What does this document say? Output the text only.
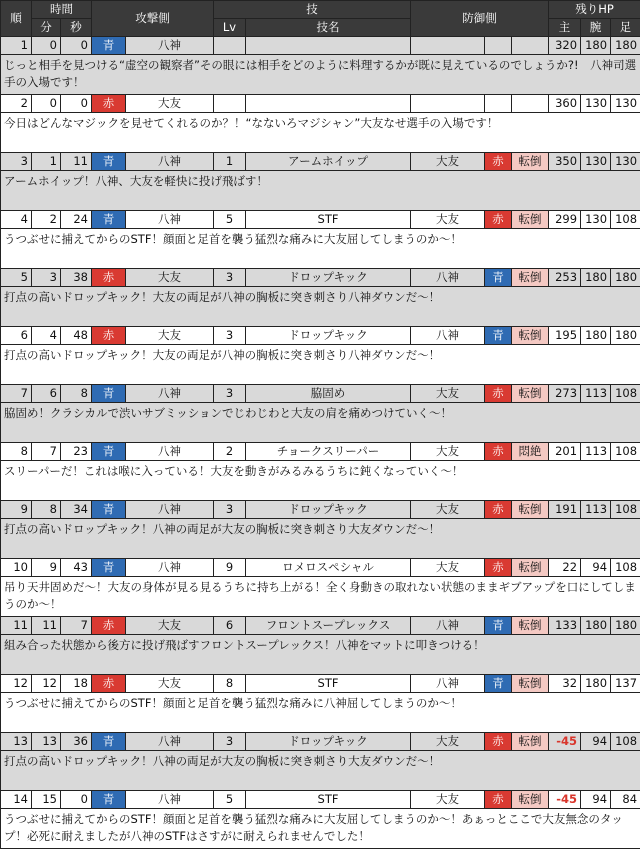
順	時間		攻撃側		技		防御側			残りHP		
	分	秒			Lv	技名				主	腕	足
1	0	0	青	八神						320	180	180
じっと相手を見つける“虚空の観察者”その眼には相手をどのように料理するかが既に見えているのでしょうか?!　八神司選手の入場です！												
2	0	0	赤	大友						360	130	130
今日はどんなマジックを見せてくれるのか？！“なないろマジシャン”大友なせ選手の入場です！												
3	1	11	青	八神	1	アームホイップ	大友	赤	転倒	350	130	130
アームホイップ！八神、大友を軽快に投げ飛ばす！												
4	2	24	青	八神	5	STF	大友	赤	転倒	299	130	108
うつぶせに捕えてからのSTF！顔面と足首を襲う猛烈な痛みに大友屈してしまうのか～！												
5	3	38	赤	大友	3	ドロップキック	八神	青	転倒	253	180	180
打点の高いドロップキック！大友の両足が八神の胸板に突き刺さり八神ダウンだ～！												
6	4	48	赤	大友	3	ドロップキック	八神	青	転倒	195	180	180
打点の高いドロップキック！大友の両足が八神の胸板に突き刺さり八神ダウンだ～！												
7	6	8	青	八神	3	脇固め	大友	赤	転倒	273	113	108
脇固め！クラシカルで渋いサブミッションでじわじわと大友の肩を痛めつけていく～！												
8	7	23	青	八神	2	チョークスリーパー	大友	赤	悶絶	201	113	108
スリーパーだ！これは喉に入っている！大友を動きがみるみるうちに鈍くなっていく～！												
9	8	34	青	八神	3	ドロップキック	大友	赤	転倒	191	113	108
打点の高いドロップキック！八神の両足が大友の胸板に突き刺さり大友ダウンだ～！												
10	9	43	青	八神	9	ロメロスペシャル	大友	赤	転倒	22	94	108
吊り天井固めだ～！大友の身体が見る見るうちに持ち上がる！全く身動きの取れない状態のままギブアップを口にしてしまうのか～！												
11	11	7	赤	大友	6	フロントスープレックス	八神	青	転倒	133	180	180
組み合った状態から後方に投げ飛ばすフロントスープレックス！八神をマットに叩きつける！												
12	12	18	赤	大友	8	STF	八神	青	転倒	32	180	137
うつぶせに捕えてからのSTF！顔面と足首を襲う猛烈な痛みに八神屈してしまうのか～！												
13	13	36	青	八神	3	ドロップキック	大友	赤	転倒	-45	94	108
打点の高いドロップキック！八神の両足が大友の胸板に突き刺さり大友ダウンだ～！												
14	15	0	青	八神	5	STF	大友	赤	転倒	-45	94	84
うつぶせに捕えてからのSTF！顔面と足首を襲う猛烈な痛みに大友屈してしまうのか～！あぁっとここで大友無念のタップ！必死に耐えましたが八神のSTFはさすがに耐えられませんでした！												
